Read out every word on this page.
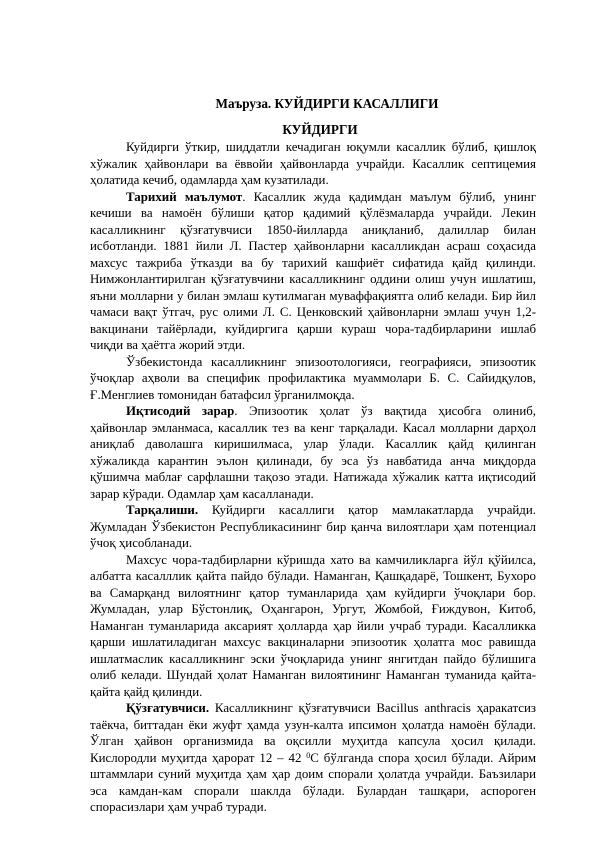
Маъруза. КУЙДИРГИ КАСАЛЛИГИ
КУЙДИРГИ

Куйдирги ўткир, шиддатли кечадиган юқумли касаллик бўлиб, қишлоқ хўжалик ҳайвонлари ва ёввойи ҳайвонларда учрайди. Касаллик септицемия ҳолатида кечиб, одамларда ҳам кузатилади.

Тарихий маълумот. Касаллик жуда қадимдан маълум бўлиб, унинг кечиши ва намоён бўлиши қатор қадимий қўлёзмаларда учрайди. Лекин касалликнинг қўзғатувчиси 1850-йилларда аниқланиб, далиллар билан исботланди. 1881 йили Л. Пастер ҳайвонларни касалликдан асраш соҳасида махсус тажриба ўтказди ва бу тарихий кашфиёт сифатида қайд қилинди. Нимжонлантирилган қўзғатувчини касалликнинг оддини олиш учун ишлатиш, яъни молларни у билан эмлаш кутилмаган муваффақиятга олиб келади. Бир йил чамаси вақт ўтгач, рус олими Л. С. Ценковский ҳайвонларни эмлаш учун 1,2-вакцинани тайёрлади, куйдиргига қарши кураш чора-тадбирларини ишлаб чиқди ва ҳаётга жорий этди.

Ўзбекистонда касалликнинг эпизоотологияси, географияси, эпизоотик ўчоқлар аҳволи ва специфик профилактика муаммолари Б. С. Сайидқулов, Ғ.Менглиев томонидан батафсил ўрганилмоқда.

Иқтисодий зарар. Эпизоотик ҳолат ўз вақтида ҳисобга олиниб, ҳайвонлар эмланмаса, касаллик тез ва кенг тарқалади. Касал молларни дарҳол аниқлаб даволашга киришилмаса, улар ўлади. Касаллик қайд қилинган хўжаликда карантин эълон қилинади, бу эса ўз навбатида анча миқдорда қўшимча маблағ сарфлашни тақозо этади. Натижада хўжалик катта иқтисодий зарар кўради. Одамлар ҳам касалланади.

Тарқалиши. Куйдирги касаллиги қатор мамлакатларда учрайди. Жумладан Ўзбекистон Республикасининг бир қанча вилоятлари ҳам потенциал ўчоқ ҳисобланади.

Махсус чора-тадбирларни кўришда хато ва камчиликларга йўл қўйилса, албатта касалллик қайта пайдо бўлади. Наманган, Қашқадарё, Тошкент, Бухоро ва Самарқанд вилоятнинг қатор туманларида ҳам куйдирги ўчоқлари бор. Жумладан, улар Бўстонлиқ, Оҳангарон, Ургут, Жомбой, Ғиждувон, Китоб, Наманган туманларида аксарият ҳолларда ҳар йили учраб туради. Касалликка қарши ишлатиладиган махсус вакциналарни эпизоотик ҳолатга мос равишда ишлатмаслик касалликнинг эски ўчоқларида унинг янгитдан пайдо бўлишига олиб келади. Шундай ҳолат Наманган вилоятининг Наманган туманида қайта-қайта қайд қилинди.

Қўзғатувчиси. Касалликнинг қўзғатувчиси Bacillus anthracis ҳаракатсиз таёкча, биттадан ёки жуфт ҳамда узун-калта ипсимон ҳолатда намоён бўлади. Ўлган ҳайвон организмида ва оқсилли муҳитда капсула ҳосил қилади. Кислородли муҳитда ҳарорат 12 – 42 $^0$С бўлганда спора ҳосил бўлади. Айрим штаммлари суний муҳитда ҳам ҳар доим спорали ҳолатда учрайди. Баъзилари эса камдан-кам спорали шаклда бўлади. Булардан ташқари, аспороген спорасизлари ҳам учраб туради.
